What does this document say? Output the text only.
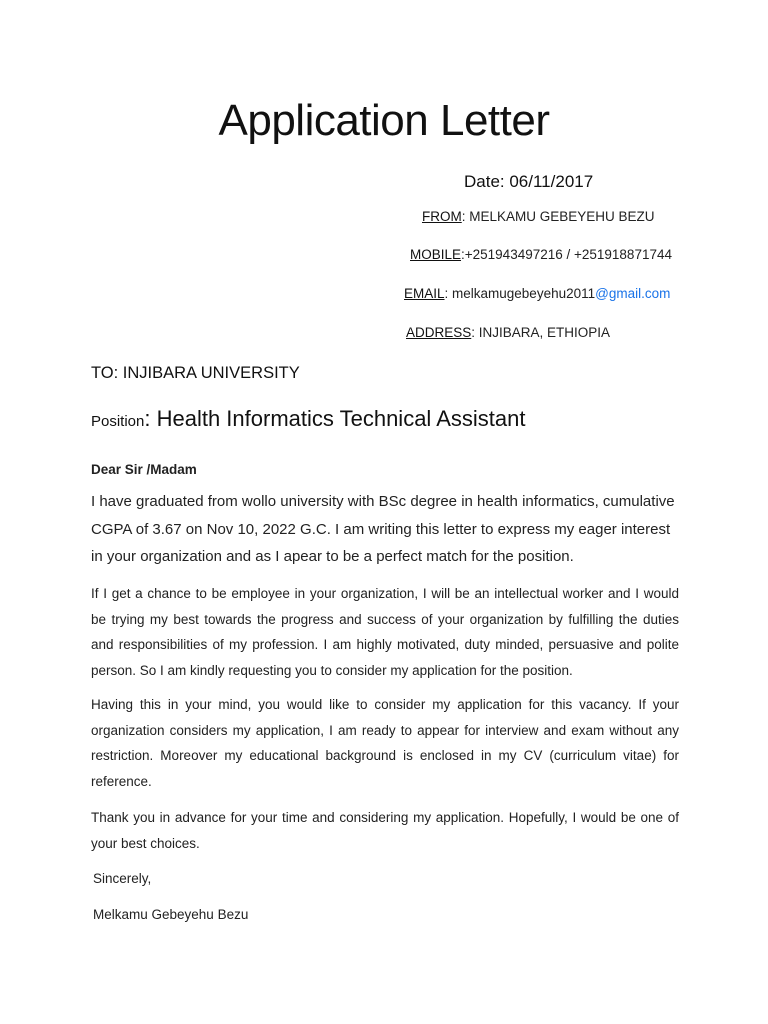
Application Letter
Date: 06/11/2017
FROM: MELKAMU GEBEYEHU BEZU
MOBILE:+251943497216 / +251918871744
EMAIL: melkamugebeyehu2011@gmail.com
ADDRESS: INJIBARA, ETHIOPIA
TO: INJIBARA UNIVERSITY
Position: Health Informatics Technical Assistant
Dear Sir /Madam

I have graduated from wollo university with BSc degree in health informatics, cumulative CGPA of 3.67 on Nov 10, 2022 G.C. I am writing this letter to express my eager interest in your organization and as I apear to be a perfect match for the position.

If I get a chance to be employee in your organization, I will be an intellectual worker and I would be trying my best towards the progress and success of your organization by fulfilling the duties and responsibilities of my profession. I am highly motivated, duty minded, persuasive and polite person. So I am kindly requesting you to consider my application for the position.

Having this in your mind, you would like to consider my application for this vacancy. If your organization considers my application, I am ready to appear for interview and exam without any restriction. Moreover my educational background is enclosed in my CV (curriculum vitae) for reference.

Thank you in advance for your time and considering my application. Hopefully, I would be one of your best choices.

Sincerely,
Melkamu Gebeyehu Bezu
